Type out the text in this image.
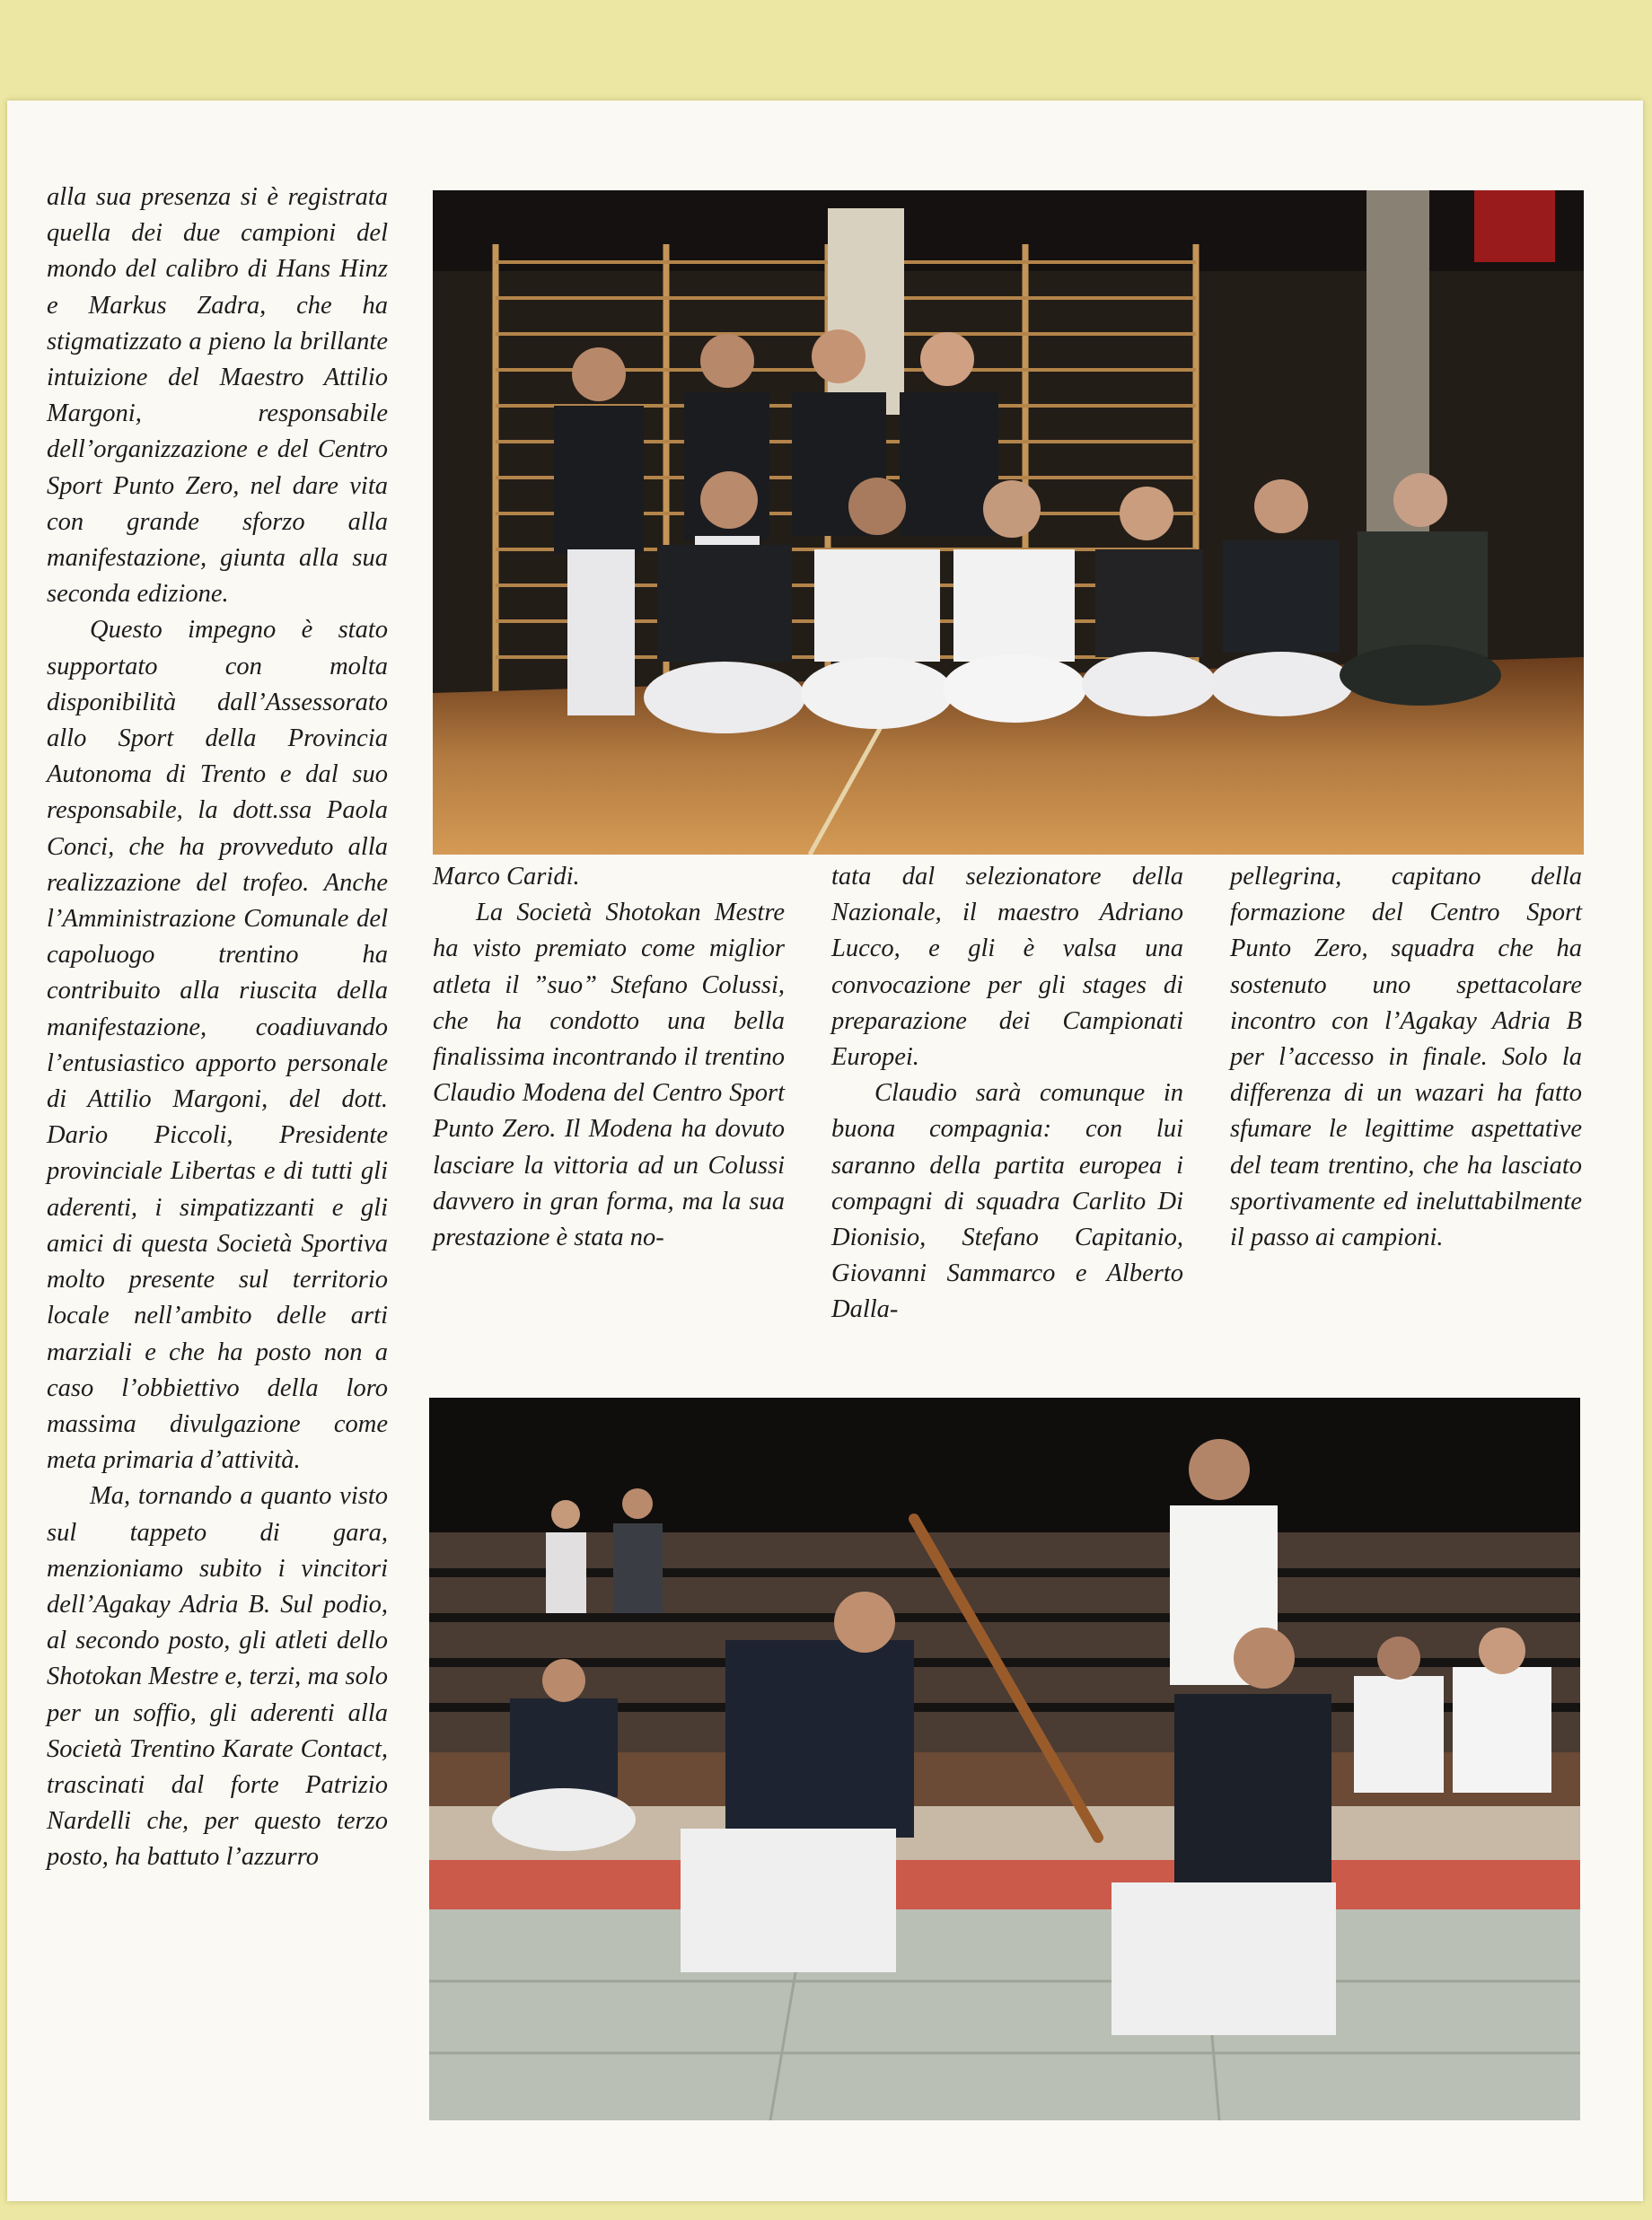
alla sua presenza si è registrata quella dei due campioni del mondo del calibro di Hans Hinz e Markus Zadra, che ha stigmatizzato a pieno la brillante intuizione del Maestro Attilio Margoni, responsabile dell’organizzazione e del Centro Sport Punto Zero, nel dare vita con grande sforzo alla manifestazione, giunta alla sua seconda edizione.

Questo impegno è stato supportato con molta disponibilità dall’Assessorato allo Sport della Provincia Autonoma di Trento e dal suo responsabile, la dott.ssa Paola Conci, che ha provveduto alla realizzazione del trofeo. Anche l’Amministrazione Comunale del capoluogo trentino ha contribuito alla riuscita della manifestazione, coadiuvando l’entusiastico apporto personale di Attilio Margoni, del dott. Dario Piccoli, Presidente provinciale Libertas e di tutti gli aderenti, i simpatizzanti e gli amici di questa Società Sportiva molto presente sul territorio locale nell’ambito delle arti marziali e che ha posto non a caso l’obbiettivo della loro massima divulgazione come meta primaria d’attività.

Ma, tornando a quanto visto sul tappeto di gara, menzioniamo subito i vincitori dell’Agakay Adria B. Sul podio, al secondo posto, gli atleti dello Shotokan Mestre e, terzi, ma solo per un soffio, gli aderenti alla Società Trentino Karate Contact, trascinati dal forte Patrizio Nardelli che, per questo terzo posto, ha battuto l’azzurro

Marco Caridi.

La Società Shotokan Mestre ha visto premiato come miglior atleta il ”suo” Stefano Colussi, che ha condotto una bella finalissima incontrando il trentino Claudio Modena del Centro Sport Punto Zero. Il Modena ha dovuto lasciare la vittoria ad un Colussi davvero in gran forma, ma la sua prestazione è stata no-

tata dal selezionatore della Nazionale, il maestro Adriano Lucco, e gli è valsa una convocazione per gli stages di preparazione dei Campionati Europei.

Claudio sarà comunque in buona compagnia: con lui saranno della partita europea i compagni di squadra Carlito Di Dionisio, Stefano Capitanio, Giovanni Sammarco e Alberto Dalla-

pellegrina, capitano della formazione del Centro Sport Punto Zero, squadra che ha sostenuto uno spettacolare incontro con l’Agakay Adria B per l’accesso in finale. Solo la differenza di un wazari ha fatto sfumare le legittime aspettative del team trentino, che ha lasciato sportivamente ed ineluttabilmente il passo ai campioni.
